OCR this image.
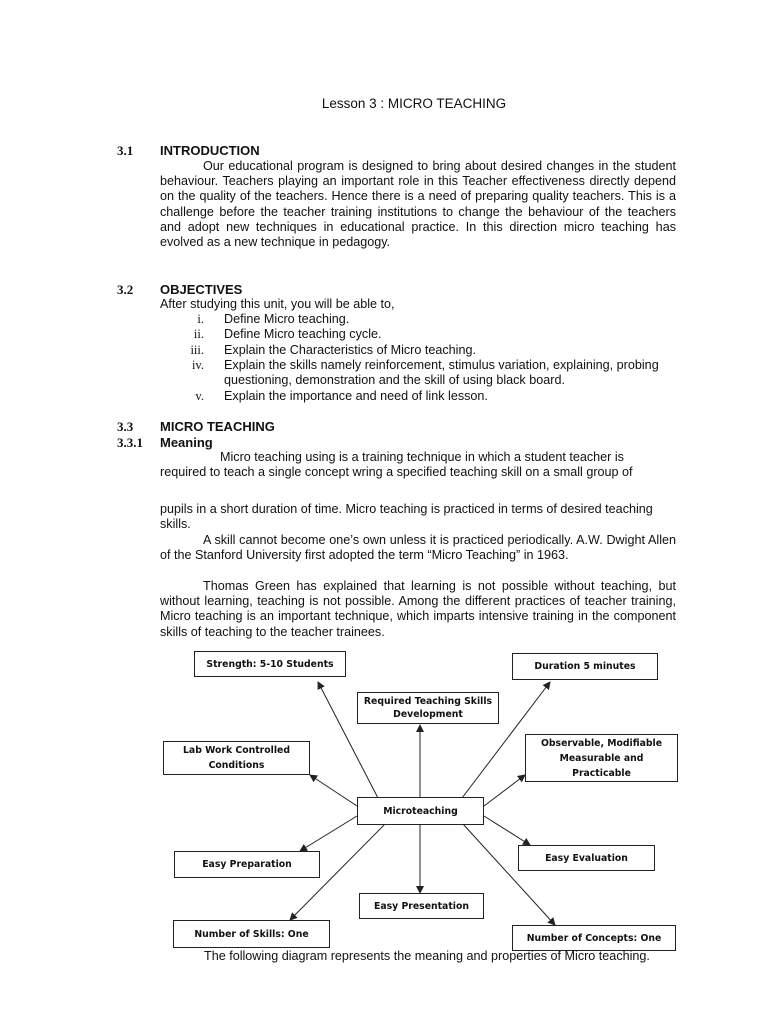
Lesson 3 : MICRO TEACHING
3.1 INTRODUCTION
Our educational program is designed to bring about desired changes in the student behaviour. Teachers playing an important role in this Teacher effectiveness directly depend on the quality of the teachers. Hence there is a need of preparing quality teachers. This is a challenge before the teacher training institutions to change the behaviour of the teachers and adopt new techniques in educational practice. In this direction micro teaching has evolved as a new technique in pedagogy.
3.2 OBJECTIVES
After studying this unit, you will be able to,
i. Define Micro teaching.
ii. Define Micro teaching cycle.
iii. Explain the Characteristics of Micro teaching.
iv. Explain the skills namely reinforcement, stimulus variation, explaining, probing questioning, demonstration and the skill of using black board.
v. Explain the importance and need of link lesson.
3.3 MICRO TEACHING
3.3.1 Meaning
Micro teaching using is a training technique in which a student teacher is required to teach a single concept wring a specified teaching skill on a small group of
pupils in a short duration of time. Micro teaching is practiced in terms of desired teaching skills.
A skill cannot become one’s own unless it is practiced periodically. A.W. Dwight Allen of the Stanford University first adopted the term “Micro Teaching” in 1963.
Thomas Green has explained that learning is not possible without teaching, but without learning, teaching is not possible. Among the different practices of teacher training, Micro teaching is an important technique, which imparts intensive training in the component skills of teaching to the teacher trainees.
Strength: 5-10 Students
Required Teaching Skills Development
Duration 5 minutes
Lab Work Controlled Conditions
Observable, Modifiable Measurable and Practicable
Microteaching
Easy Preparation
Easy Evaluation
Easy Presentation
Number of Skills: One	Number of Concepts: One
The following diagram represents the meaning and properties of Micro teaching.
